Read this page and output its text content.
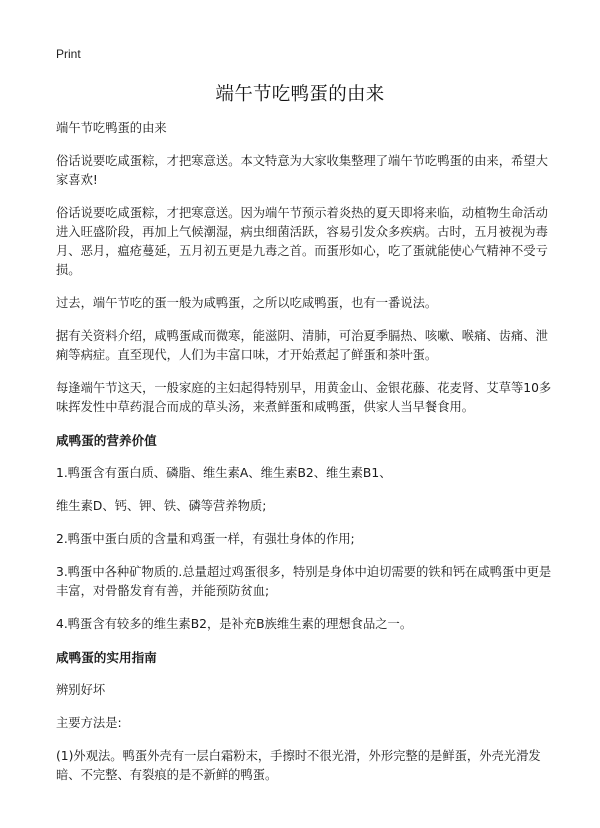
Print
端午节吃鸭蛋的由来

端午节吃鸭蛋的由来

俗话说要吃咸蛋粽，才把寒意送。本文特意为大家收集整理了端午节吃鸭蛋的由来，希望大家喜欢!

俗话说要吃咸蛋粽，才把寒意送。因为端午节预示着炎热的夏天即将来临，动植物生命活动进入旺盛阶段，再加上气候潮湿，病虫细菌活跃，容易引发众多疾病。古时，五月被视为毒月、恶月，瘟疮蔓延，五月初五更是九毒之首。而蛋形如心，吃了蛋就能使心气精神不受亏损。

过去，端午节吃的蛋一般为咸鸭蛋，之所以吃咸鸭蛋，也有一番说法。

据有关资料介绍，咸鸭蛋咸而微寒，能滋阴、清肺，可治夏季膈热、咳嗽、喉痛、齿痛、泄痢等病症。直至现代，人们为丰富口味，才开始煮起了鲜蛋和茶叶蛋。

每逢端午节这天，一般家庭的主妇起得特别早，用黄金山、金银花藤、花麦肾、艾草等10多味挥发性中草药混合而成的草头汤，来煮鲜蛋和咸鸭蛋，供家人当早餐食用。

咸鸭蛋的营养价值

1.鸭蛋含有蛋白质、磷脂、维生素A、维生素B2、维生素B1、

维生素D、钙、钾、铁、磷等营养物质;

2.鸭蛋中蛋白质的含量和鸡蛋一样，有强壮身体的作用;

3.鸭蛋中各种矿物质的.总量超过鸡蛋很多，特别是身体中迫切需要的铁和钙在咸鸭蛋中更是丰富，对骨骼发育有善，并能预防贫血;

4.鸭蛋含有较多的维生素B2，是补充B族维生素的理想食品之一。

咸鸭蛋的实用指南

辨别好坏

主要方法是:

(1)外观法。鸭蛋外壳有一层白霜粉末，手擦时不很光滑，外形完整的是鲜蛋，外壳光滑发暗、不完整、有裂痕的是不新鲜的鸭蛋。
